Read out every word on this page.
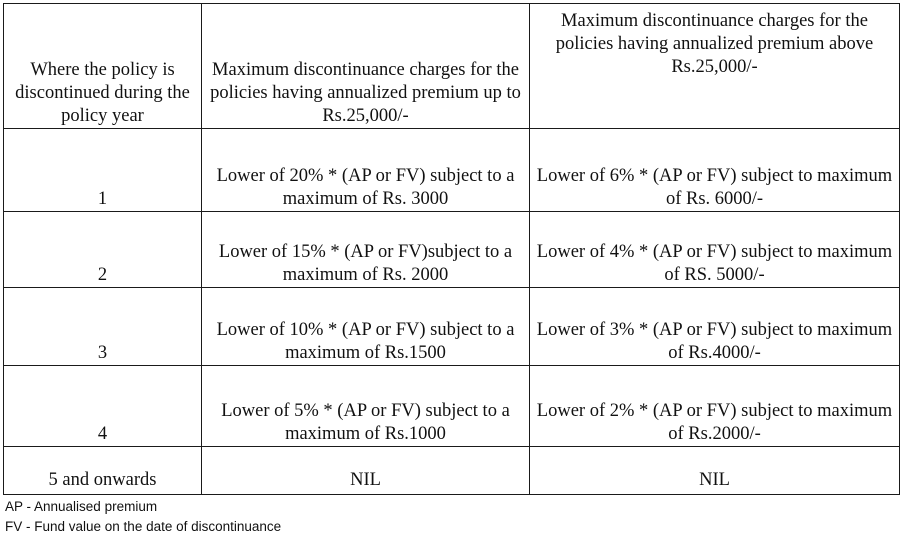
Where the policy is discontinued during the policy year	Maximum discontinuance charges for the policies having annualized premium up to Rs.25,000/-	Maximum discontinuance charges for the policies having annualized premium above Rs.25,000/-
1	Lower of 20% * (AP or FV) subject to a maximum of Rs. 3000	Lower of 6% * (AP or FV) subject to maximum of Rs. 6000/-
2	Lower of 15% * (AP or FV)subject to a maximum of Rs. 2000	Lower of 4% * (AP or FV) subject to maximum of RS. 5000/-
3	Lower of 10% * (AP or FV) subject to a maximum of Rs.1500	Lower of 3% * (AP or FV) subject to maximum of Rs.4000/-
4	Lower of 5% * (AP or FV) subject to a maximum of Rs.1000	Lower of 2% * (AP or FV) subject to maximum of Rs.2000/-
5 and onwards	NIL	NIL
AP - Annualised premium
FV - Fund value on the date of discontinuance
